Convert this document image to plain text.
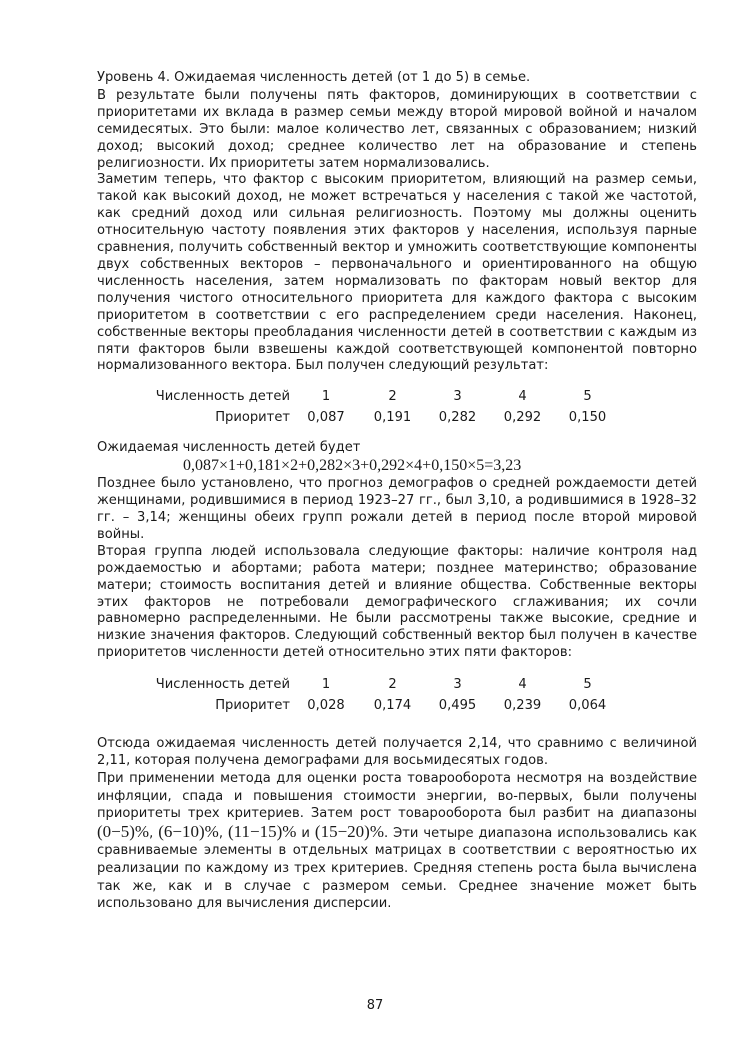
Уровень 4. Ожидаемая численность детей (от 1 до 5) в семье.

В результате были получены пять факторов, доминирующих в соответствии с приоритетами их вклада в размер семьи между второй мировой войной и началом семидесятых. Это были: малое количество лет, связанных с образованием; низкий доход; высокий доход; среднее количество лет на образование и степень религиозности. Их приоритеты затем нормализовались.

Заметим теперь, что фактор с высоким приоритетом, влияющий на размер семьи, такой как высокий доход, не может встречаться у населения с такой же частотой, как средний доход или сильная религиозность. Поэтому мы должны оценить относительную частоту появления этих факторов у населения, используя парные сравнения, получить собственный вектор и умножить соответствующие компоненты двух собственных векторов – первоначального и ориентированного на общую численность населения, затем нормализовать по факторам новый вектор для получения чистого относительного приоритета для каждого фактора с высоким приоритетом в соответствии с его распределением среди населения. Наконец, собственные векторы преобладания численности детей в соответствии с каждым из пяти факторов были взвешены каждой соответствующей компонентой повторно нормализованного вектора. Был получен следующий результат:

Численность детей	1	2	3	4	5
Приоритет	0,087	0,191	0,282	0,292	0,150

Ожидаемая численность детей будет

0,087×1+0,181×2+0,282×3+0,292×4+0,150×5=3,23

Позднее было установлено, что прогноз демографов о средней рождаемости детей женщинами, родившимися в период 1923–27 гг., был 3,10, а родившимися в 1928–32 гг. – 3,14; женщины обеих групп рожали детей в период после второй мировой войны.

Вторая группа людей использовала следующие факторы: наличие контроля над рождаемостью и абортами; работа матери; позднее материнство; образование матери; стоимость воспитания детей и влияние общества. Собственные векторы этих факторов не потребовали демографического сглаживания; их сочли равномерно распределенными. Не были рассмотрены также высокие, средние и низкие значения факторов. Следующий собственный вектор был получен в качестве приоритетов численности детей относительно этих пяти факторов:

Численность детей	1	2	3	4	5
Приоритет	0,028	0,174	0,495	0,239	0,064

Отсюда ожидаемая численность детей получается 2,14, что сравнимо с величиной 2,11, которая получена демографами для восьмидесятых годов.

При применении метода для оценки роста товарооборота несмотря на воздействие инфляции, спада и повышения стоимости энергии, во-первых, были получены приоритеты трех критериев. Затем рост товарооборота был разбит на диапазоны (0−5)%, (6−10)%, (11−15)% и (15−20)%. Эти четыре диапазона использовались как сравниваемые элементы в отдельных матрицах в соответствии с вероятностью их реализации по каждому из трех критериев. Средняя степень роста была вычислена так же, как и в случае с размером семьи. Среднее значение может быть использовано для вычисления дисперсии.

87
